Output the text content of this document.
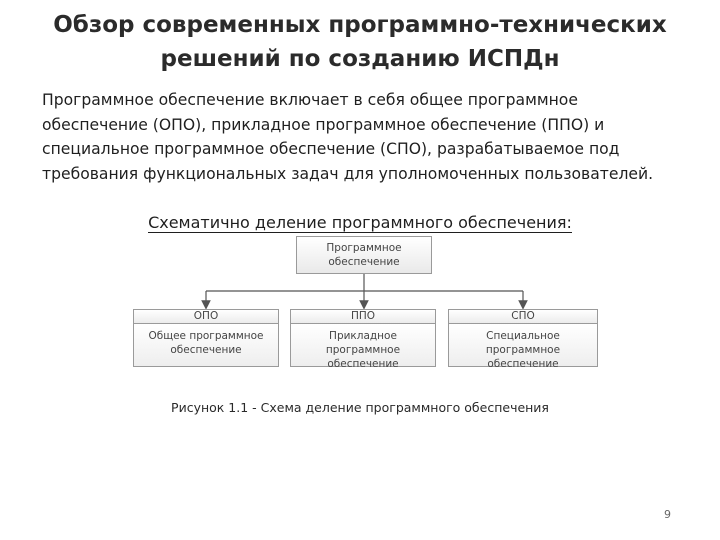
Обзор современных программно-технических
решений по созданию ИСПДн
Программное обеспечение включает в себя общее программное
обеспечение (ОПО), прикладное программное обеспечение (ППО) и
специальное программное обеспечение (СПО), разрабатываемое под
требования функциональных задач для уполномоченных пользователей.
Схематично деление программного обеспечения:
Программное
обеспечение
ОПО
Общее программное
обеспечение
ППО
Прикладное программное
обеспечение
СПО
Специальное программное
обеспечение
Рисунок 1.1 - Схема деление программного обеспечения
9
